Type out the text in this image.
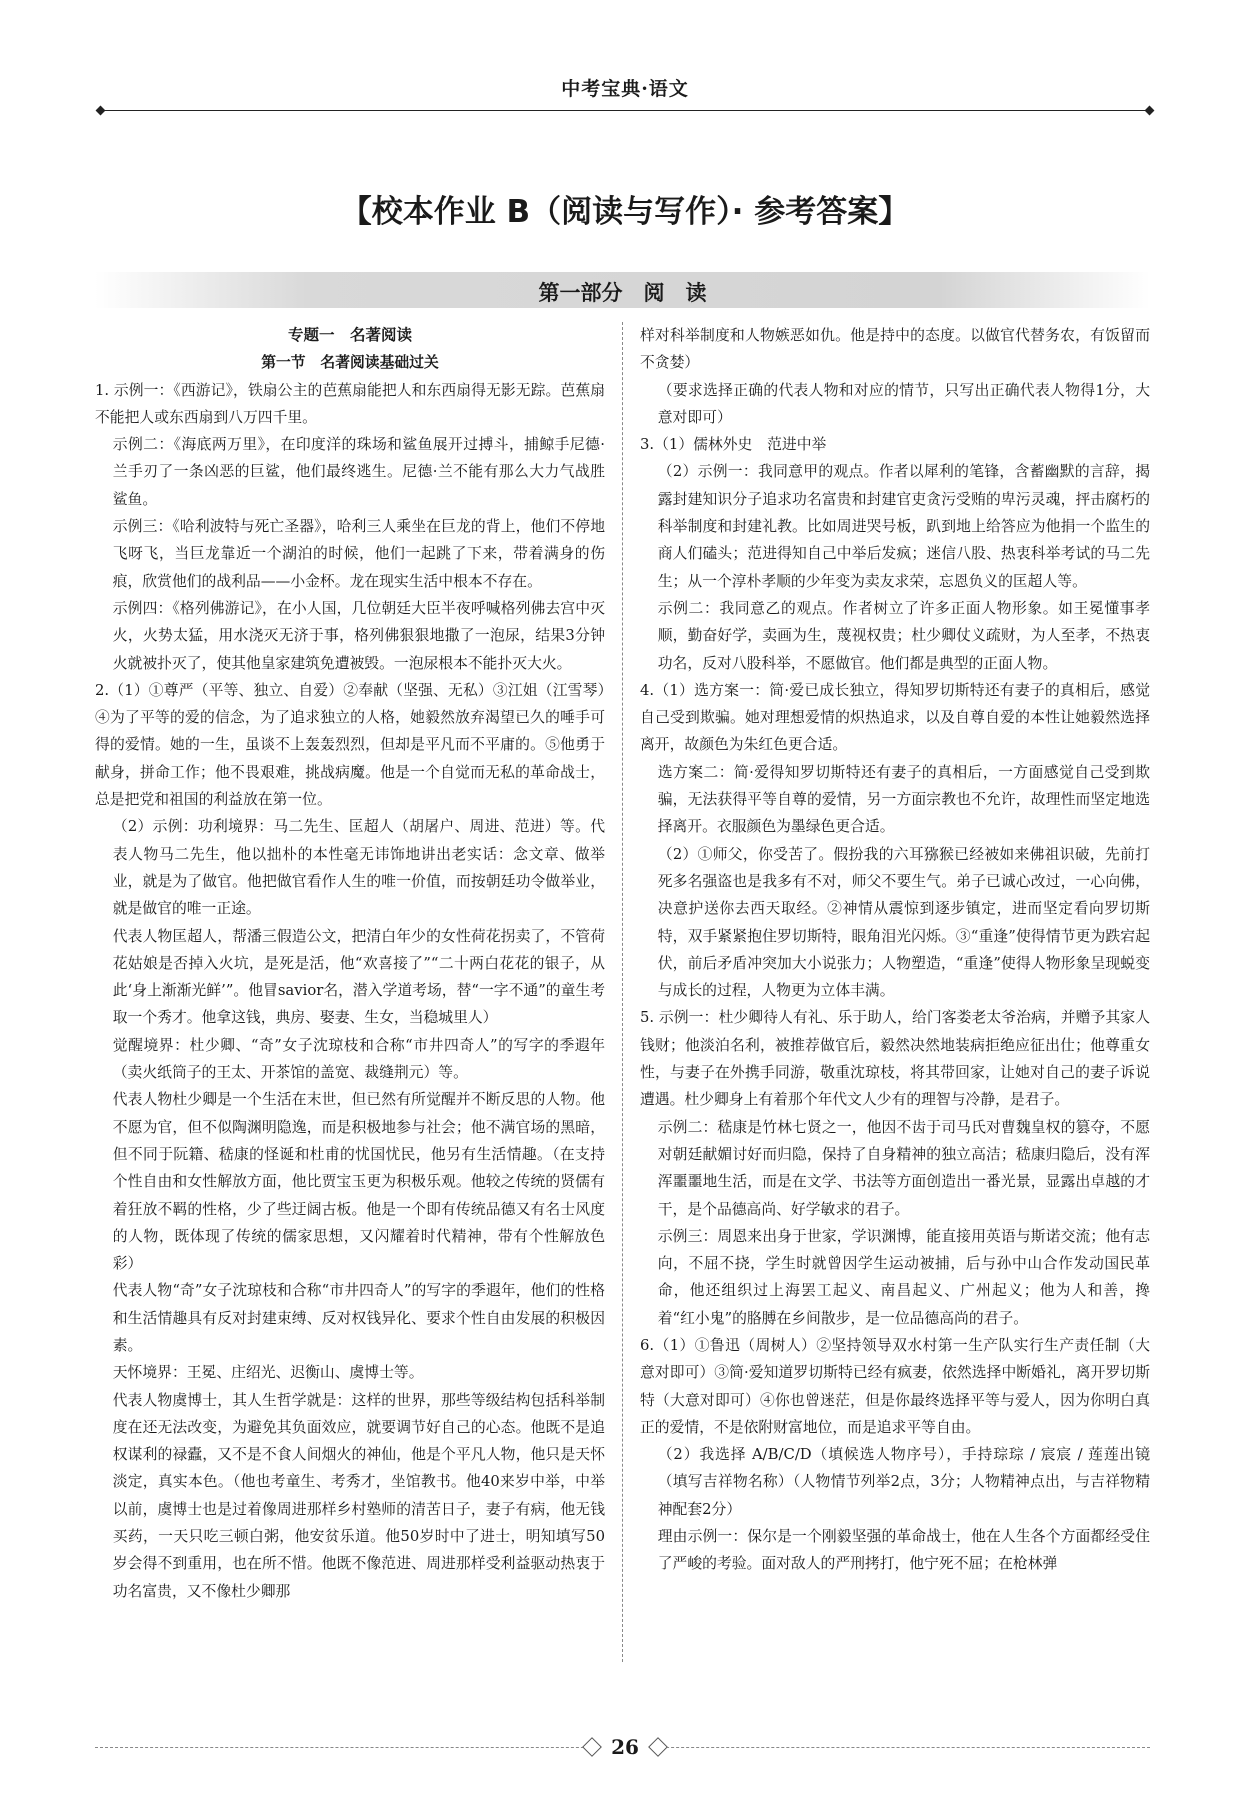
中考宝典·语文
【校本作业 B（阅读与写作）· 参考答案】
第一部分　阅　读

专题一　名著阅读

第一节　名著阅读基础过关

1. 示例一：《西游记》，铁扇公主的芭蕉扇能把人和东西扇得无影无踪。芭蕉扇不能把人或东西扇到八万四千里。

示例二：《海底两万里》，在印度洋的珠场和鲨鱼展开过搏斗，捕鲸手尼德·兰手刃了一条凶恶的巨鲨，他们最终逃生。尼德·兰不能有那么大力气战胜鲨鱼。

示例三：《哈利波特与死亡圣器》，哈利三人乘坐在巨龙的背上，他们不停地飞呀飞，当巨龙靠近一个湖泊的时候，他们一起跳了下来，带着满身的伤痕，欣赏他们的战利品——小金杯。龙在现实生活中根本不存在。

示例四：《格列佛游记》，在小人国，几位朝廷大臣半夜呼喊格列佛去宫中灭火，火势太猛，用水浇灭无济于事，格列佛狠狠地撒了一泡尿，结果3分钟火就被扑灭了，使其他皇家建筑免遭被毁。一泡尿根本不能扑灭大火。

2.（1）①尊严（平等、独立、自爱）②奉献（坚强、无私）③江姐（江雪琴）④为了平等的爱的信念，为了追求独立的人格，她毅然放弃渴望已久的唾手可得的爱情。她的一生，虽谈不上轰轰烈烈，但却是平凡而不平庸的。⑤他勇于献身，拼命工作；他不畏艰难，挑战病魔。他是一个自觉而无私的革命战士，总是把党和祖国的利益放在第一位。

（2）示例：功利境界：马二先生、匡超人（胡屠户、周进、范进）等。代表人物马二先生，他以拙朴的本性毫无讳饰地讲出老实话：念文章、做举业，就是为了做官。他把做官看作人生的唯一价值，而按朝廷功令做举业，就是做官的唯一正途。

代表人物匡超人，帮潘三假造公文，把清白年少的女性荷花拐卖了，不管荷花姑娘是否掉入火坑，是死是活，他“欢喜接了”“二十两白花花的银子，从此‘身上渐渐光鲜’”。他冒savior名，潜入学道考场，替“一字不通”的童生考取一个秀才。他拿这钱，典房、娶妻、生女，当稳城里人）

觉醒境界：杜少卿、“奇”女子沈琼枝和合称“市井四奇人”的写字的季遐年（卖火纸筒子的王太、开茶馆的盖宽、裁缝荆元）等。

代表人物杜少卿是一个生活在末世，但已然有所觉醒并不断反思的人物。他不愿为官，但不似陶渊明隐逸，而是积极地参与社会；他不满官场的黑暗，但不同于阮籍、嵇康的怪诞和杜甫的忧国忧民，他另有生活情趣。（在支持个性自由和女性解放方面，他比贾宝玉更为积极乐观。他较之传统的贤儒有着狂放不羁的性格，少了些迂阔古板。他是一个即有传统品德又有名士风度的人物，既体现了传统的儒家思想，又闪耀着时代精神，带有个性解放色彩）

代表人物“奇”女子沈琼枝和合称“市井四奇人”的写字的季遐年，他们的性格和生活情趣具有反对封建束缚、反对权钱异化、要求个性自由发展的积极因素。

天怀境界：王冕、庄绍光、迟衡山、虞博士等。

代表人物虞博士，其人生哲学就是：这样的世界，那些等级结构包括科举制度在还无法改变，为避免其负面效应，就要调节好自己的心态。他既不是追权谋利的禄蠹，又不是不食人间烟火的神仙，他是个平凡人物，他只是天怀淡定，真实本色。（他也考童生、考秀才，坐馆教书。他40来岁中举，中举以前，虞博士也是过着像周进那样乡村塾师的清苦日子，妻子有病，他无钱买药，一天只吃三顿白粥，他安贫乐道。他50岁时中了进士，明知填写50岁会得不到重用，也在所不惜。他既不像范进、周进那样受利益驱动热衷于功名富贵，又不像杜少卿那

样对科举制度和人物嫉恶如仇。他是持中的态度。以做官代替务农，有饭留而不贪婪）

（要求选择正确的代表人物和对应的情节，只写出正确代表人物得1分，大意对即可）

3.（1）儒林外史　范进中举

（2）示例一：我同意甲的观点。作者以犀利的笔锋，含蓄幽默的言辞，揭露封建知识分子追求功名富贵和封建官吏贪污受贿的卑污灵魂，抨击腐朽的科举制度和封建礼教。比如周进哭号板，趴到地上给答应为他捐一个监生的商人们磕头；范进得知自己中举后发疯；迷信八股、热衷科举考试的马二先生；从一个淳朴孝顺的少年变为卖友求荣，忘恩负义的匡超人等。

示例二：我同意乙的观点。作者树立了许多正面人物形象。如王冕懂事孝顺，勤奋好学，卖画为生，蔑视权贵；杜少卿仗义疏财，为人至孝，不热衷功名，反对八股科举，不愿做官。他们都是典型的正面人物。

4.（1）选方案一：简·爱已成长独立，得知罗切斯特还有妻子的真相后，感觉自己受到欺骗。她对理想爱情的炽热追求，以及自尊自爱的本性让她毅然选择离开，故颜色为朱红色更合适。

选方案二：简·爱得知罗切斯特还有妻子的真相后，一方面感觉自己受到欺骗，无法获得平等自尊的爱情，另一方面宗教也不允许，故理性而坚定地选择离开。衣服颜色为墨绿色更合适。

（2）①师父，你受苦了。假扮我的六耳猕猴已经被如来佛祖识破，先前打死多名强盗也是我多有不对，师父不要生气。弟子已诚心改过，一心向佛，决意护送你去西天取经。②神情从震惊到逐步镇定，进而坚定看向罗切斯特，双手紧紧抱住罗切斯特，眼角泪光闪烁。③“重逢”使得情节更为跌宕起伏，前后矛盾冲突加大小说张力；人物塑造，“重逢”使得人物形象呈现蜕变与成长的过程，人物更为立体丰满。

5. 示例一：杜少卿待人有礼、乐于助人，给门客娄老太爷治病，并赠予其家人钱财；他淡泊名利，被推荐做官后，毅然决然地装病拒绝应征出仕；他尊重女性，与妻子在外携手同游，敬重沈琼枝，将其带回家，让她对自己的妻子诉说遭遇。杜少卿身上有着那个年代文人少有的理智与冷静，是君子。

示例二：嵇康是竹林七贤之一，他因不齿于司马氏对曹魏皇权的篡夺，不愿对朝廷献媚讨好而归隐，保持了自身精神的独立高洁；嵇康归隐后，没有浑浑噩噩地生活，而是在文学、书法等方面创造出一番光景，显露出卓越的才干，是个品德高尚、好学敏求的君子。

示例三：周恩来出身于世家，学识渊博，能直接用英语与斯诺交流；他有志向，不屈不挠，学生时就曾因学生运动被捕，后与孙中山合作发动国民革命，他还组织过上海罢工起义、南昌起义、广州起义；他为人和善，搀着“红小鬼”的胳膊在乡间散步，是一位品德高尚的君子。

6.（1）①鲁迅（周树人）②坚持领导双水村第一生产队实行生产责任制（大意对即可）③简·爱知道罗切斯特已经有疯妻，依然选择中断婚礼，离开罗切斯特（大意对即可）④你也曾迷茫，但是你最终选择平等与爱人，因为你明白真正的爱情，不是依附财富地位，而是追求平等自由。

（2）我选择 A/B/C/D（填候选人物序号），手持琮琮 / 宸宸 / 莲莲出镜（填写吉祥物名称）（人物情节列举2点，3分；人物精神点出，与吉祥物精神配套2分）

理由示例一：保尔是一个刚毅坚强的革命战士，他在人生各个方面都经受住了严峻的考验。面对敌人的严刑拷打，他宁死不屈；在枪林弹

26
